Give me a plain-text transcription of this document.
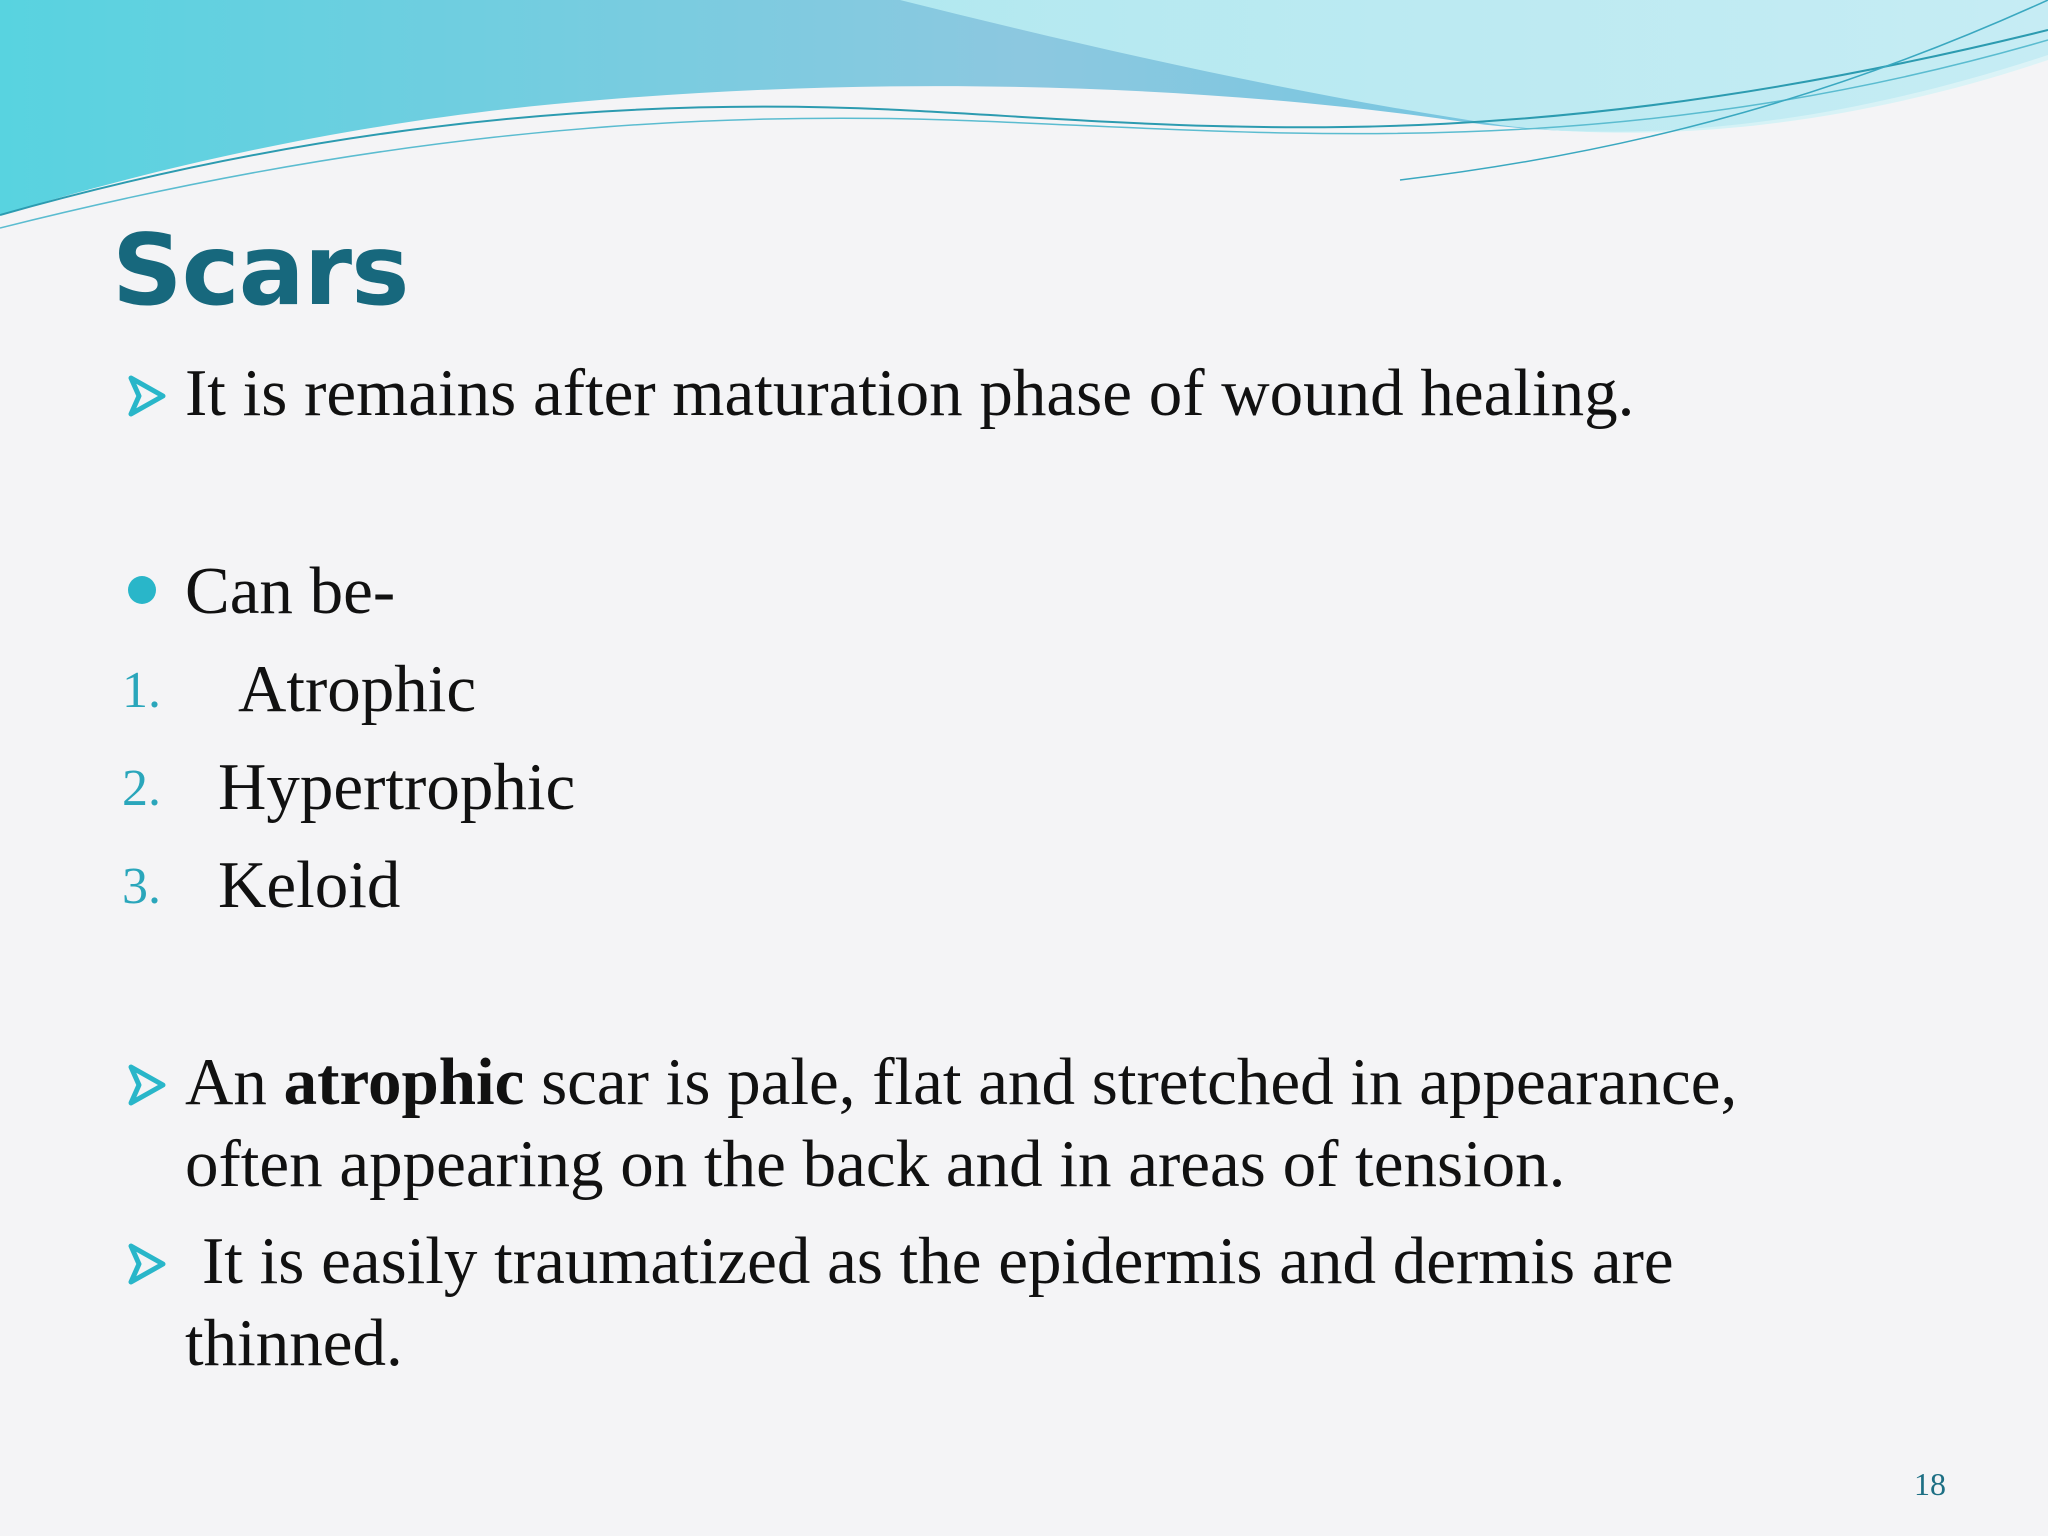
Scars
It is remains after maturation phase of wound healing.
Can be-
1. Atrophic
2. Hypertrophic
3. Keloid
An atrophic scar is pale, flat and stretched in appearance,
often appearing on the back and in areas of tension.
It is easily traumatized as the epidermis and dermis are
thinned.
18
